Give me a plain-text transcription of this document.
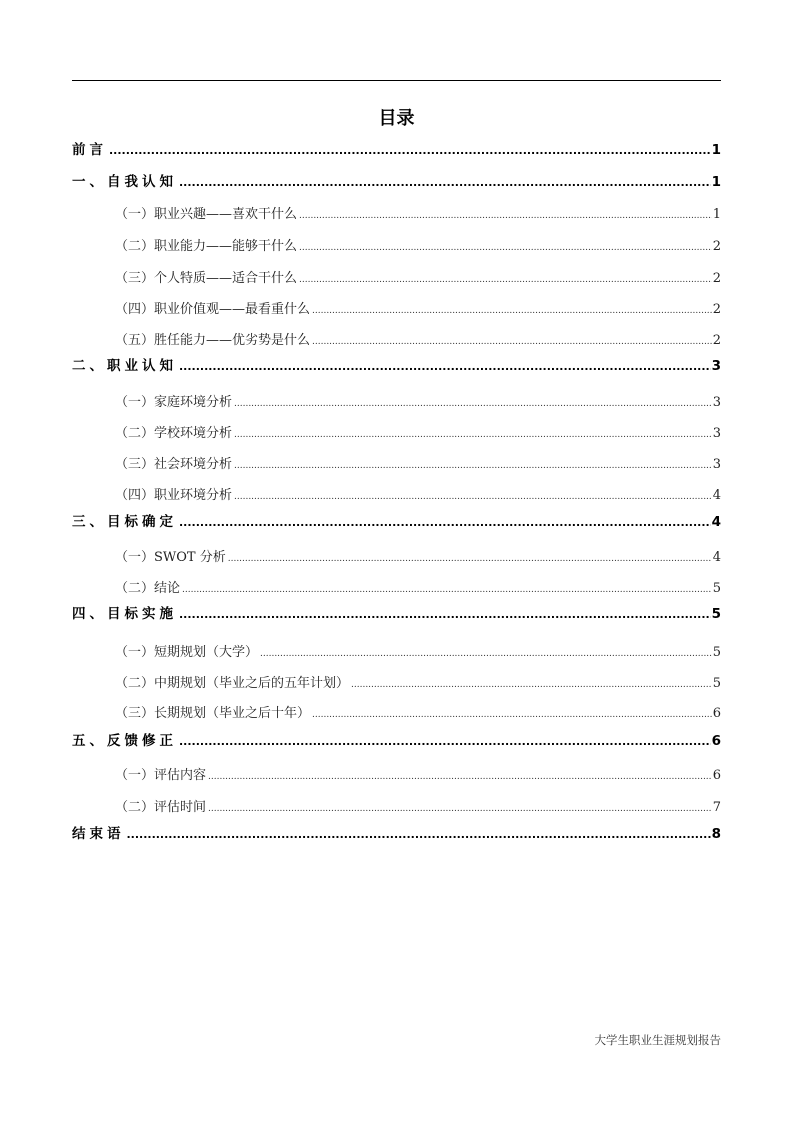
目录
前言 .....	1
一、自我认知 .....	1
（一）职业兴趣——喜欢干什么 .....	1
（二）职业能力——能够干什么 .....	2
（三）个人特质——适合干什么 .....	2
（四）职业价值观——最看重什么 .....	2
（五）胜任能力——优劣势是什么 .....	2
二、职业认知 .....	3
（一）家庭环境分析 .....	3
（二）学校环境分析 .....	3
（三）社会环境分析 .....	3
（四）职业环境分析 .....	4
三、目标确定 .....	4
（一）SWOT 分析 .....	4
（二）结论 .....	5
四、目标实施 .....	5
（一）短期规划（大学） .....	5
（二）中期规划（毕业之后的五年计划） .....	5
（三）长期规划（毕业之后十年） .....	6
五、反馈修正 .....	6
（一）评估内容 .....	6
（二）评估时间 .....	7
结束语 .....	8
大学生职业生涯规划报告
